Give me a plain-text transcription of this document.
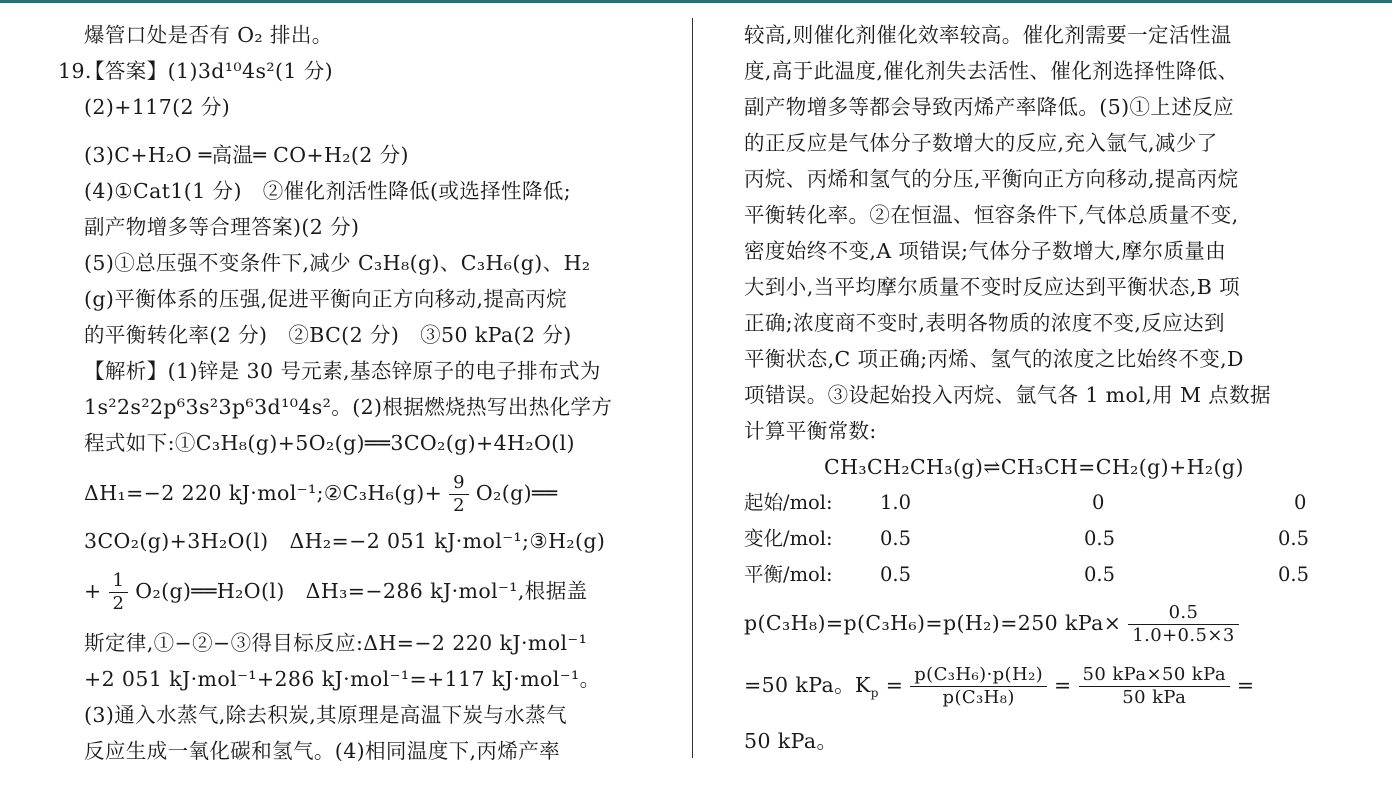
爆管口处是否有 O₂ 排出。
19.
【答案】(1)3d¹⁰4s²(1 分)
(2)+117(2 分)
(3)C+H₂O ═高温═ CO+H₂(2 分)
(4)①Cat1(1 分)　②催化剂活性降低(或选择性降低;
副产物增多等合理答案)(2 分)
(5)①总压强不变条件下,减少 C₃H₈(g)、C₃H₆(g)、H₂
(g)平衡体系的压强,促进平衡向正方向移动,提高丙烷
的平衡转化率(2 分)　②BC(2 分)　③50 kPa(2 分)
【解析】(1)锌是 30 号元素,基态锌原子的电子排布式为
1s²2s²2p⁶3s²3p⁶3d¹⁰4s²。(2)根据燃烧热写出热化学方
程式如下:①C₃H₈(g)+5O₂(g)══3CO₂(g)+4H₂O(l)
ΔH₁=−2 220 kJ·mol⁻¹;②C₃H₆(g)+ $\frac{9}{2}$ O₂(g)══
3CO₂(g)+3H₂O(l)　ΔH₂=−2 051 kJ·mol⁻¹;③H₂(g)
+ $\frac{1}{2}$ O₂(g)══H₂O(l)　ΔH₃=−286 kJ·mol⁻¹,根据盖
斯定律,①−②−③得目标反应:ΔH=−2 220 kJ·mol⁻¹
+2 051 kJ·mol⁻¹+286 kJ·mol⁻¹=+117 kJ·mol⁻¹。
(3)通入水蒸气,除去积炭,其原理是高温下炭与水蒸气
反应生成一氧化碳和氢气。(4)相同温度下,丙烯产率
较高,则催化剂催化效率较高。催化剂需要一定活性温
度,高于此温度,催化剂失去活性、催化剂选择性降低、
副产物增多等都会导致丙烯产率降低。(5)①上述反应
的正反应是气体分子数增大的反应,充入氩气,减少了
丙烷、丙烯和氢气的分压,平衡向正方向移动,提高丙烷
平衡转化率。②在恒温、恒容条件下,气体总质量不变,
密度始终不变,A 项错误;气体分子数增大,摩尔质量由
大到小,当平均摩尔质量不变时反应达到平衡状态,B 项
正确;浓度商不变时,表明各物质的浓度不变,反应达到
平衡状态,C 项正确;丙烯、氢气的浓度之比始终不变,D
项错误。③设起始投入丙烷、氩气各 1 mol,用 M 点数据
计算平衡常数:
CH₃CH₂CH₃(g)⇌CH₃CH=CH₂(g)+H₂(g)
起始/mol: 1.0	0	0
变化/mol: 0.5	0.5	0.5
平衡/mol: 0.5	0.5	0.5
p(C₃H₈)=p(C₃H₆)=p(H₂)=250 $kPa\times \frac{0.5}{1.0+0.5\times 3}$
=50 kPa。$K_p = \frac{\text{p(C₃H₆)·p(H₂)}}{\text{p(C₃H₈)}} = \frac{\text{50 kPa×50 kPa}}{\text{50 kPa}}$ =
50 kPa。
